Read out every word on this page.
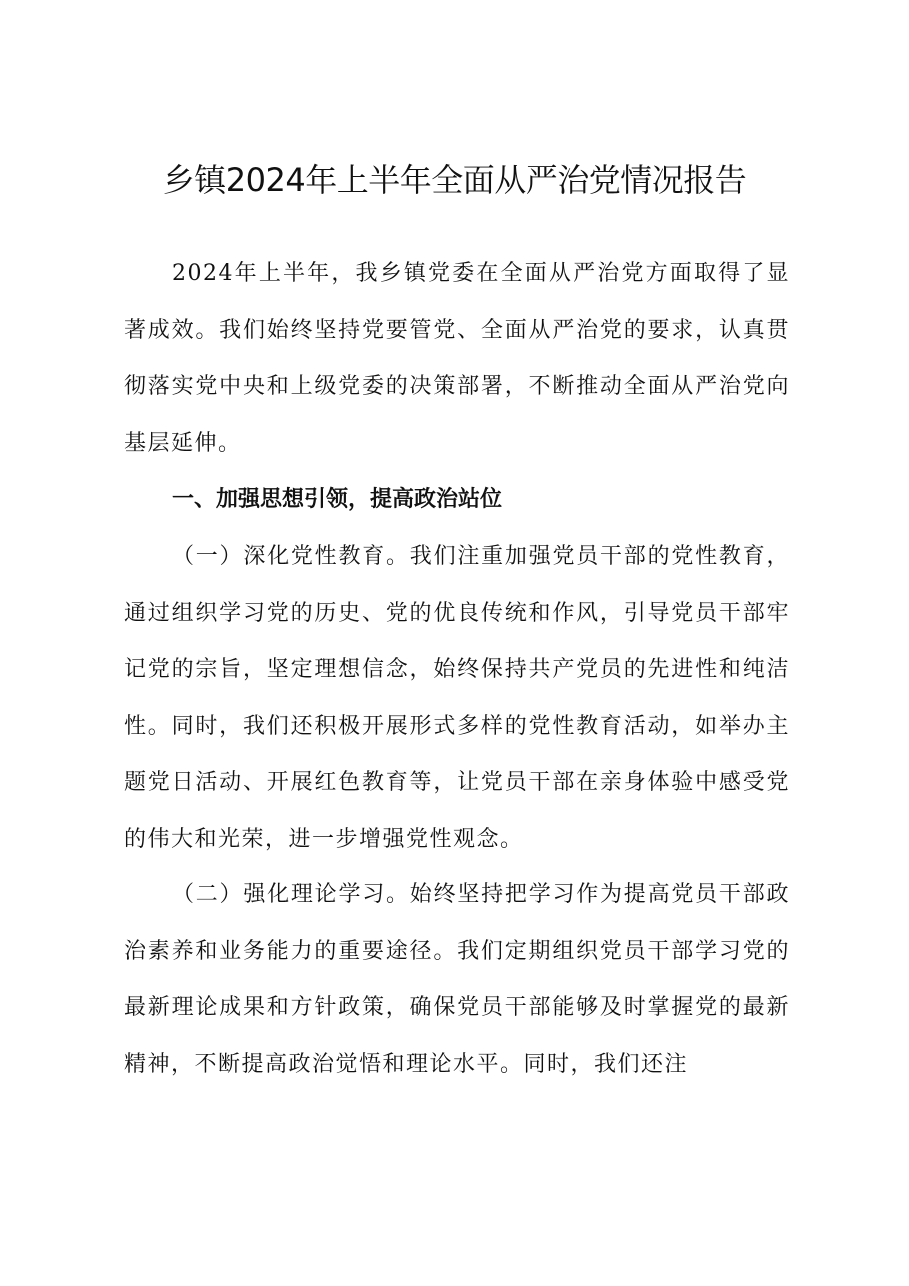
乡镇2024年上半年全面从严治党情况报告
2024年上半年，我乡镇党委在全面从严治党方面取得了显著成效。我们始终坚持党要管党、全面从严治党的要求，认真贯彻落实党中央和上级党委的决策部署，不断推动全面从严治党向基层延伸。
一、加强思想引领，提高政治站位
（一）深化党性教育。我们注重加强党员干部的党性教育，通过组织学习党的历史、党的优良传统和作风，引导党员干部牢记党的宗旨，坚定理想信念，始终保持共产党员的先进性和纯洁性。同时，我们还积极开展形式多样的党性教育活动，如举办主题党日活动、开展红色教育等，让党员干部在亲身体验中感受党的伟大和光荣，进一步增强党性观念。
（二）强化理论学习。始终坚持把学习作为提高党员干部政治素养和业务能力的重要途径。我们定期组织党员干部学习党的最新理论成果和方针政策，确保党员干部能够及时掌握党的最新精神，不断提高政治觉悟和理论水平。同时，我们还注
